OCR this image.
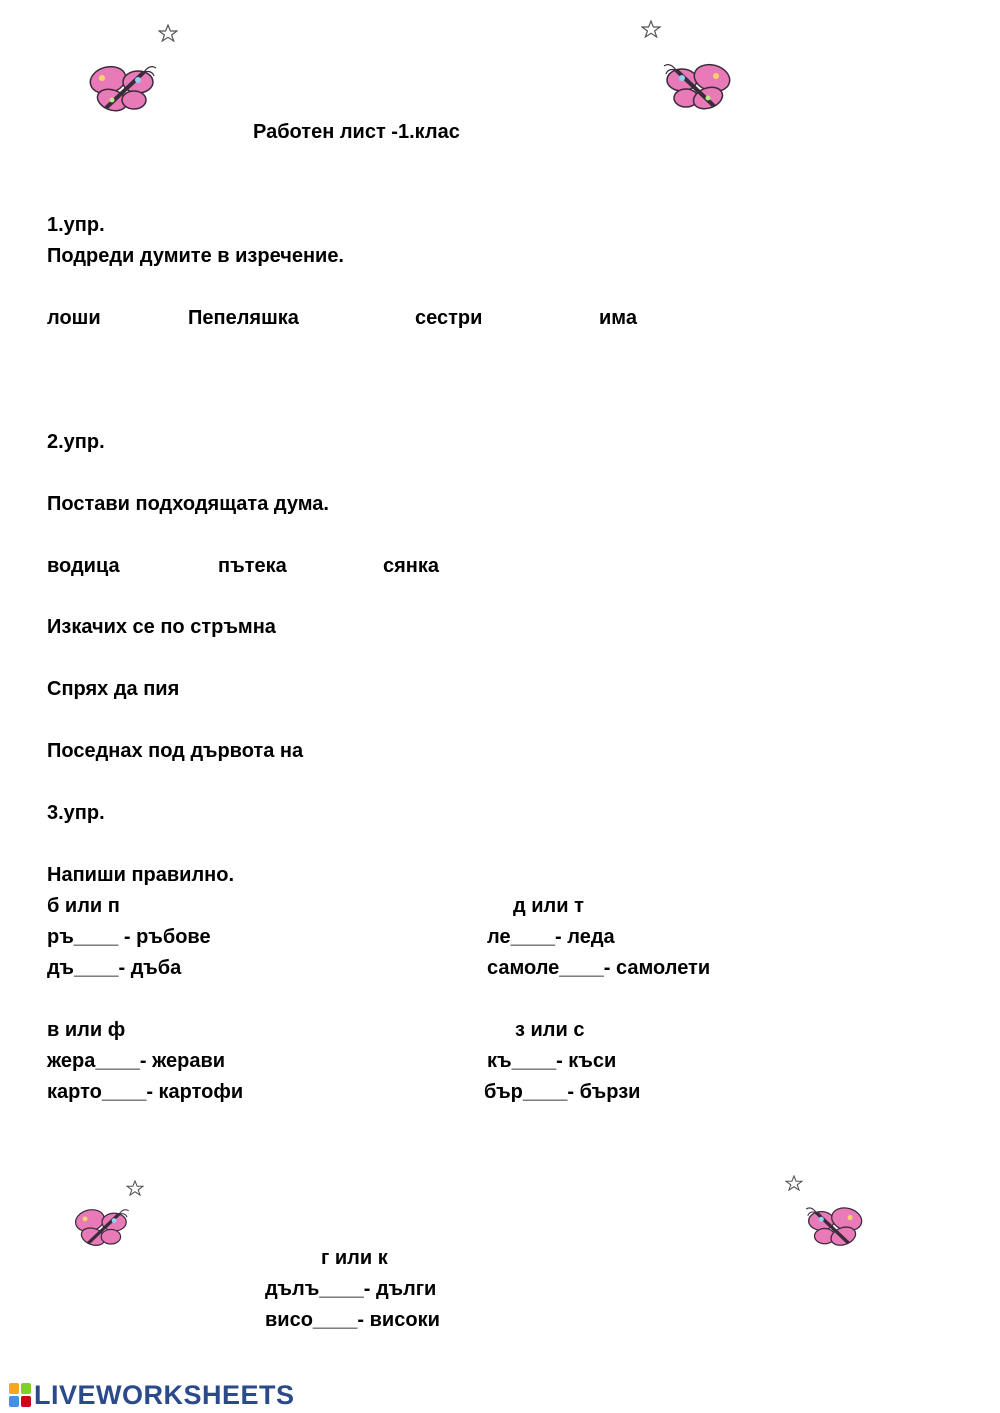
Работен лист -1.клас
1.упр.
Подреди думите в изречение.
лоши	Пепеляшка	сестри	има
2.упр.
Постави подходящата дума.
водица	пътека	сянка
Изкачих се по стръмна
Спрях да пия
Поседнах под дървота на
3.упр.
Напиши правилно.
б или п
ръ____ - ръбове
дъ____- дъба
д или т
ле____- леда
самоле____- самолети
в или ф
жера____- жерави
карто____- картофи
з или с
къ____- къси
бър____- бързи
г или к
дълъ____- дълги
висо____- високи
LIVEWORKSHEETS
